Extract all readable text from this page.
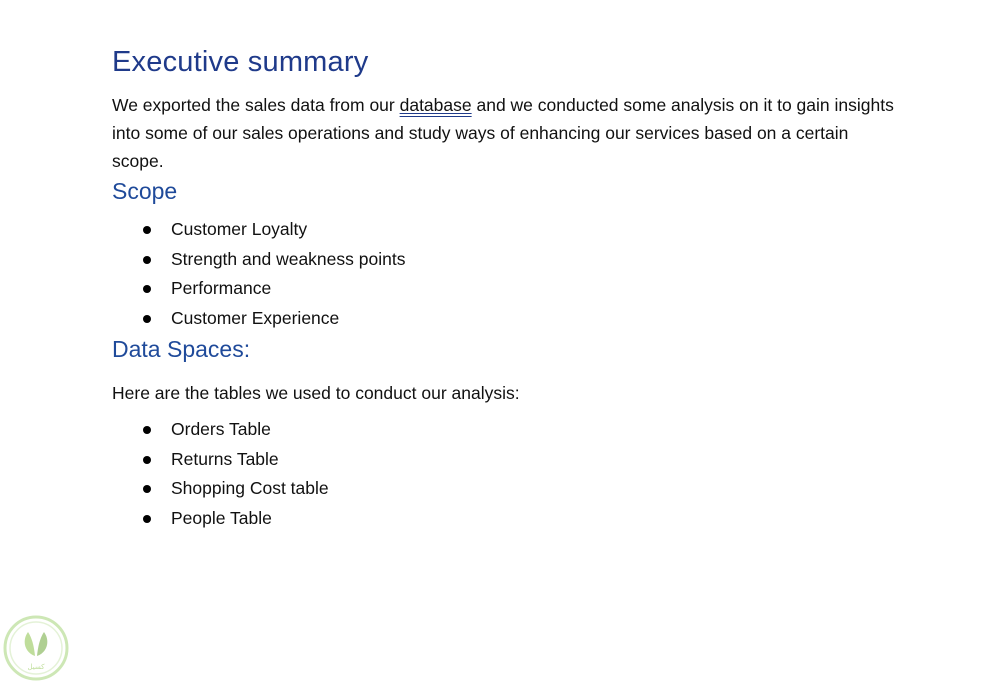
Executive summary

We exported the sales data from our database and we conducted some analysis on it to gain insights into some of our sales operations and study ways of enhancing our services based on a certain scope.

Scope
Customer Loyalty
Strength and weakness points
Performance
Customer Experience
Data Spaces:

Here are the tables we used to conduct our analysis:

Orders Table
Returns Table
Shopping Cost table
People Table
كسيل
